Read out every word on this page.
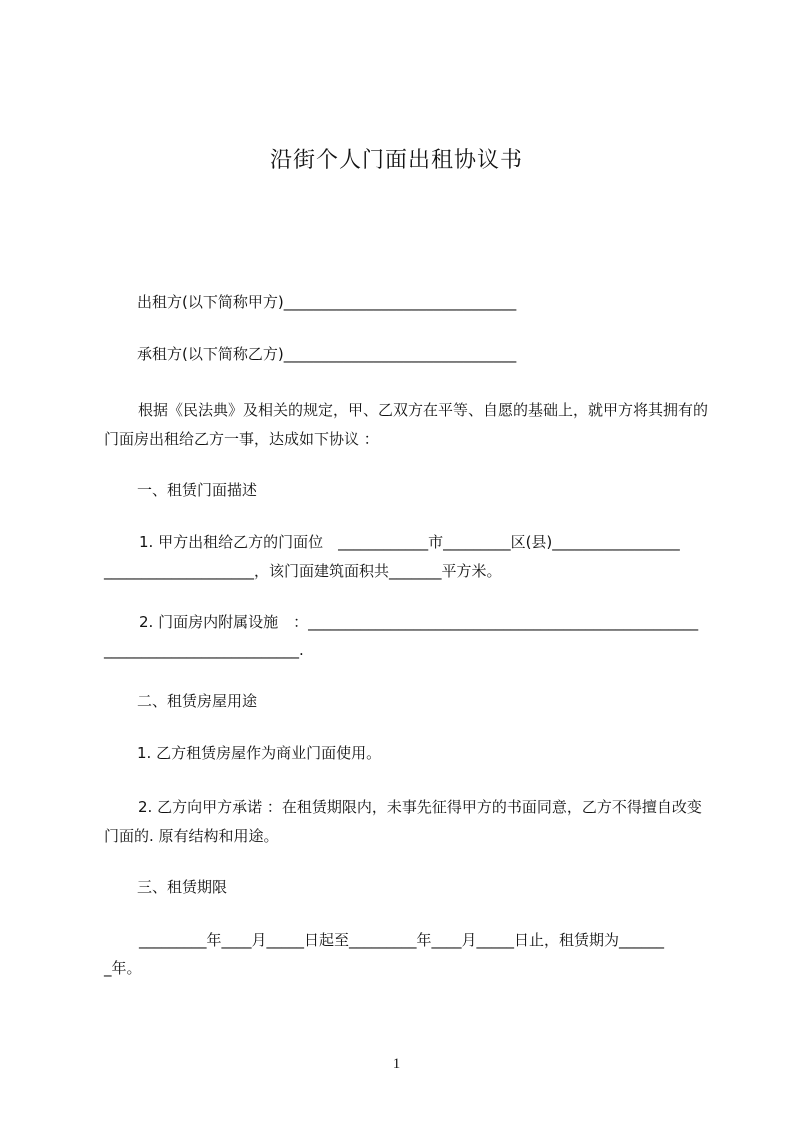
沿街个人门面出租协议书
出租方(以下简称甲方)_______________________________
承租方(以下简称乙方)_______________________________
根据《民法典》及相关的规定，甲、乙双方在平等、自愿的基础上，就甲方将其拥有的门面房出租给乙方一事，达成如下协议 ：
一、租赁门面描述
1. 甲方出租给乙方的门面位　____________市_________区(县)_________________
____________________，该门面建筑面积共_______平方米。
2. 门面房内附属设施　：____________________________________________________
__________________________.
二、租赁房屋用途
1. 乙方租赁房屋作为商业门面使用。
2. 乙方向甲方承诺 ：在租赁期限内，未事先征得甲方的书面同意，乙方不得擅自改变门面的. 原有结构和用途。
三、租赁期限
_________年____月_____日起至_________年____月_____日止，租赁期为______
_年。
1
